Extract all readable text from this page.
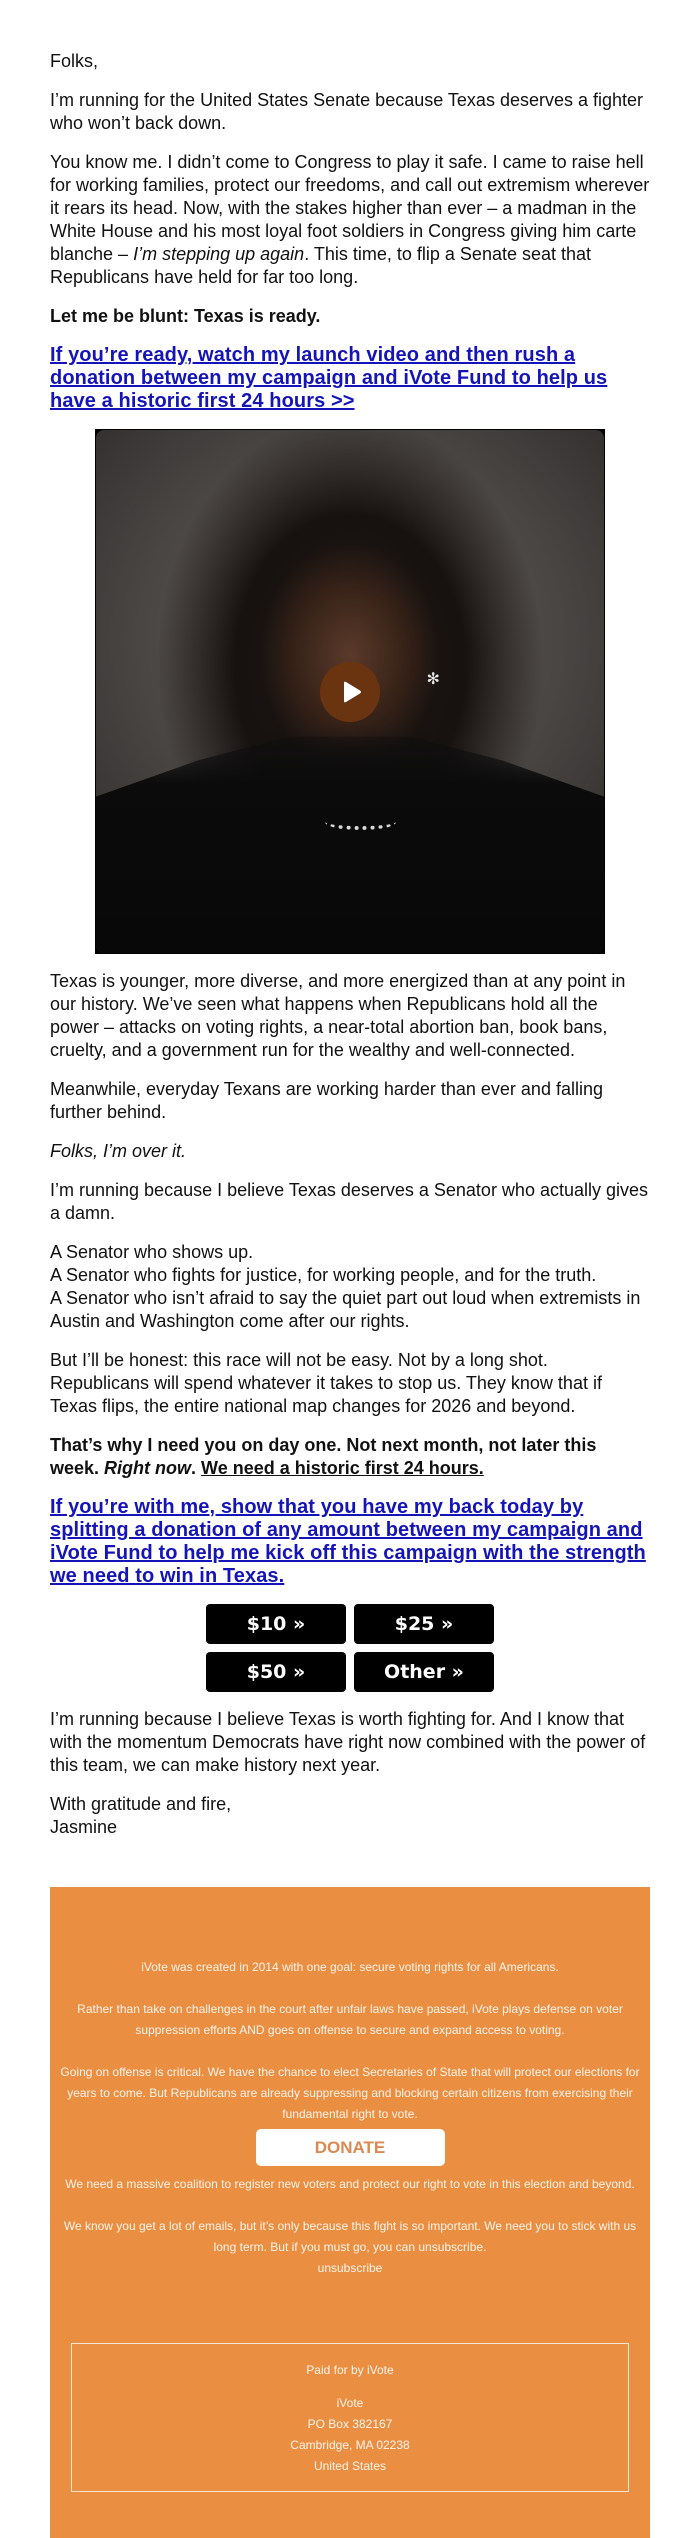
Folks,

I’m running for the United States Senate because Texas deserves a fighter who won’t back down.

You know me. I didn’t come to Congress to play it safe. I came to raise hell for working families, protect our freedoms, and call out extremism wherever it rears its head. Now, with the stakes higher than ever – a madman in the White House and his most loyal foot soldiers in Congress giving him carte blanche – I’m stepping up again. This time, to flip a Senate seat that Republicans have held for far too long.

Let me be blunt: Texas is ready.

If you’re ready, watch my launch video and then rush a donation between my campaign and iVote Fund to help us have a historic first 24 hours >>
✻

Texas is younger, more diverse, and more energized than at any point in our history. We’ve seen what happens when Republicans hold all the power – attacks on voting rights, a near-total abortion ban, book bans, cruelty, and a government run for the wealthy and well-connected.

Meanwhile, everyday Texans are working harder than ever and falling further behind.

Folks, I’m over it.

I’m running because I believe Texas deserves a Senator who actually gives a damn.

A Senator who shows up.
A Senator who fights for justice, for working people, and for the truth.
A Senator who isn’t afraid to say the quiet part out loud when extremists in Austin and Washington come after our rights.

But I’ll be honest: this race will not be easy. Not by a long shot. Republicans will spend whatever it takes to stop us. They know that if Texas flips, the entire national map changes for 2026 and beyond.

That’s why I need you on day one. Not next month, not later this week. Right now. We need a historic first 24 hours.

If you’re with me, show that you have my back today by splitting a donation of any amount between my campaign and iVote Fund to help me kick off this campaign with the strength we need to win in Texas.
$10 »	$25 »
$50 »	Other »

I’m running because I believe Texas is worth fighting for. And I know that with the momentum Democrats have right now combined with the power of this team, we can make history next year.

With gratitude and fire,
Jasmine

iVote was created in 2014 with one goal: secure voting rights for all Americans.

Rather than take on challenges in the court after unfair laws have passed, iVote plays defense on voter suppression efforts AND goes on offense to secure and expand access to voting.

Going on offense is critical. We have the chance to elect Secretaries of State that will protect our elections for years to come. But Republicans are already suppressing and blocking certain citizens from exercising their fundamental right to vote.

DONATE

We need a massive coalition to register new voters and protect our right to vote in this election and beyond.

We know you get a lot of emails, but it’s only because this fight is so important. We need you to stick with us long term. But if you must go, you can unsubscribe.

unsubscribe

Paid for by iVote

iVote
PO Box 382167
Cambridge, MA 02238
United States
